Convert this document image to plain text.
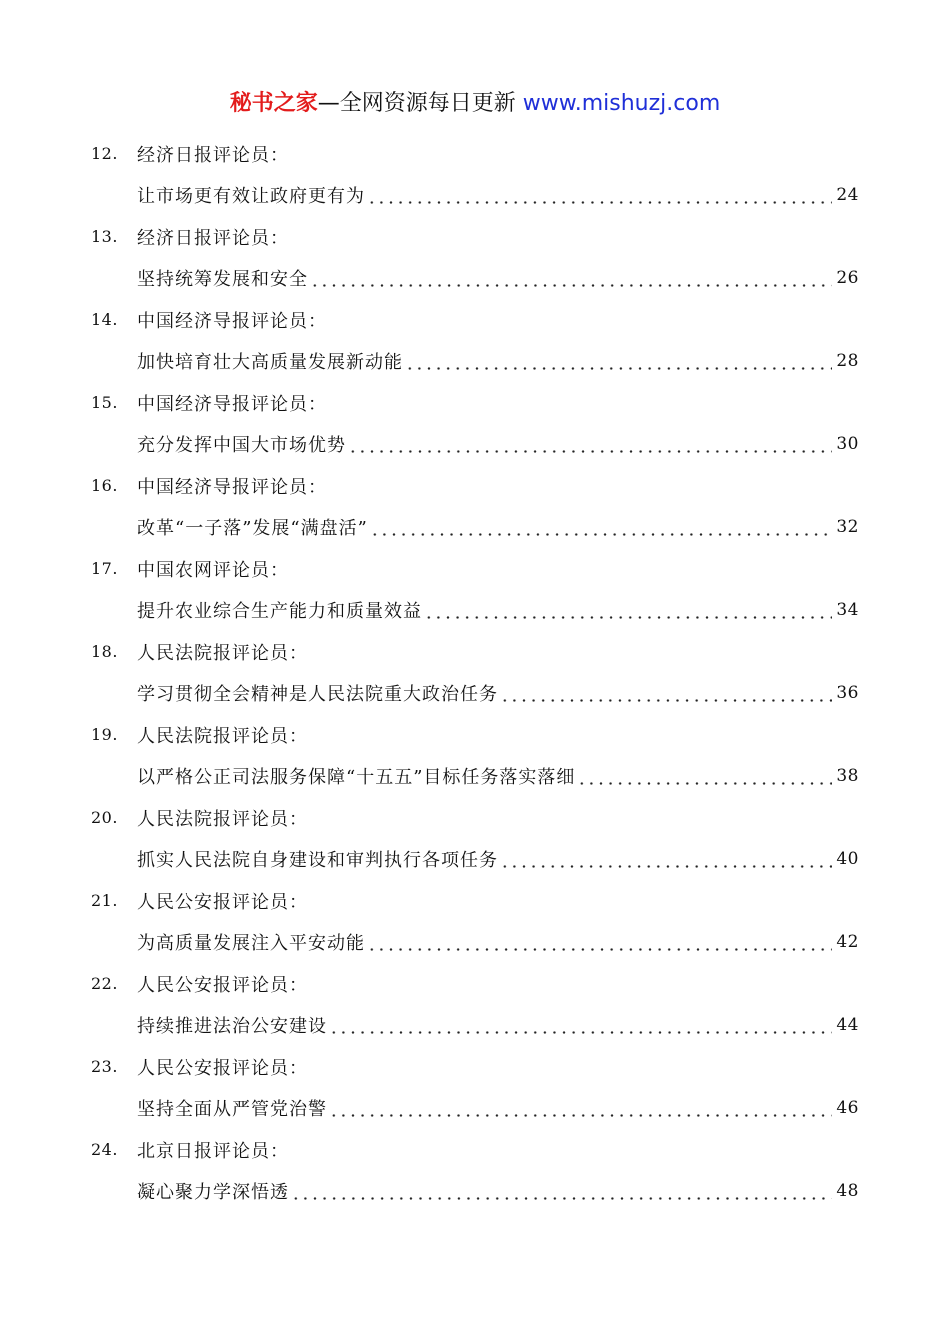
秘书之家—全网资源每日更新 www.mishuzj.com
12.	经济日报评论员：
让市场更有效让政府更有为	24
13.	经济日报评论员：
坚持统筹发展和安全	26
14.	中国经济导报评论员：
加快培育壮大高质量发展新动能	28
15.	中国经济导报评论员：
充分发挥中国大市场优势	30
16.	中国经济导报评论员：
改革“一子落”发展“满盘活”	32
17.	中国农网评论员：
提升农业综合生产能力和质量效益	34
18.	人民法院报评论员：
学习贯彻全会精神是人民法院重大政治任务	36
19.	人民法院报评论员：
以严格公正司法服务保障“十五五”目标任务落实落细	38
20.	人民法院报评论员：
抓实人民法院自身建设和审判执行各项任务	40
21.	人民公安报评论员：
为高质量发展注入平安动能	42
22.	人民公安报评论员：
持续推进法治公安建设	44
23.	人民公安报评论员：
坚持全面从严管党治警	46
24.	北京日报评论员：
凝心聚力学深悟透	48
